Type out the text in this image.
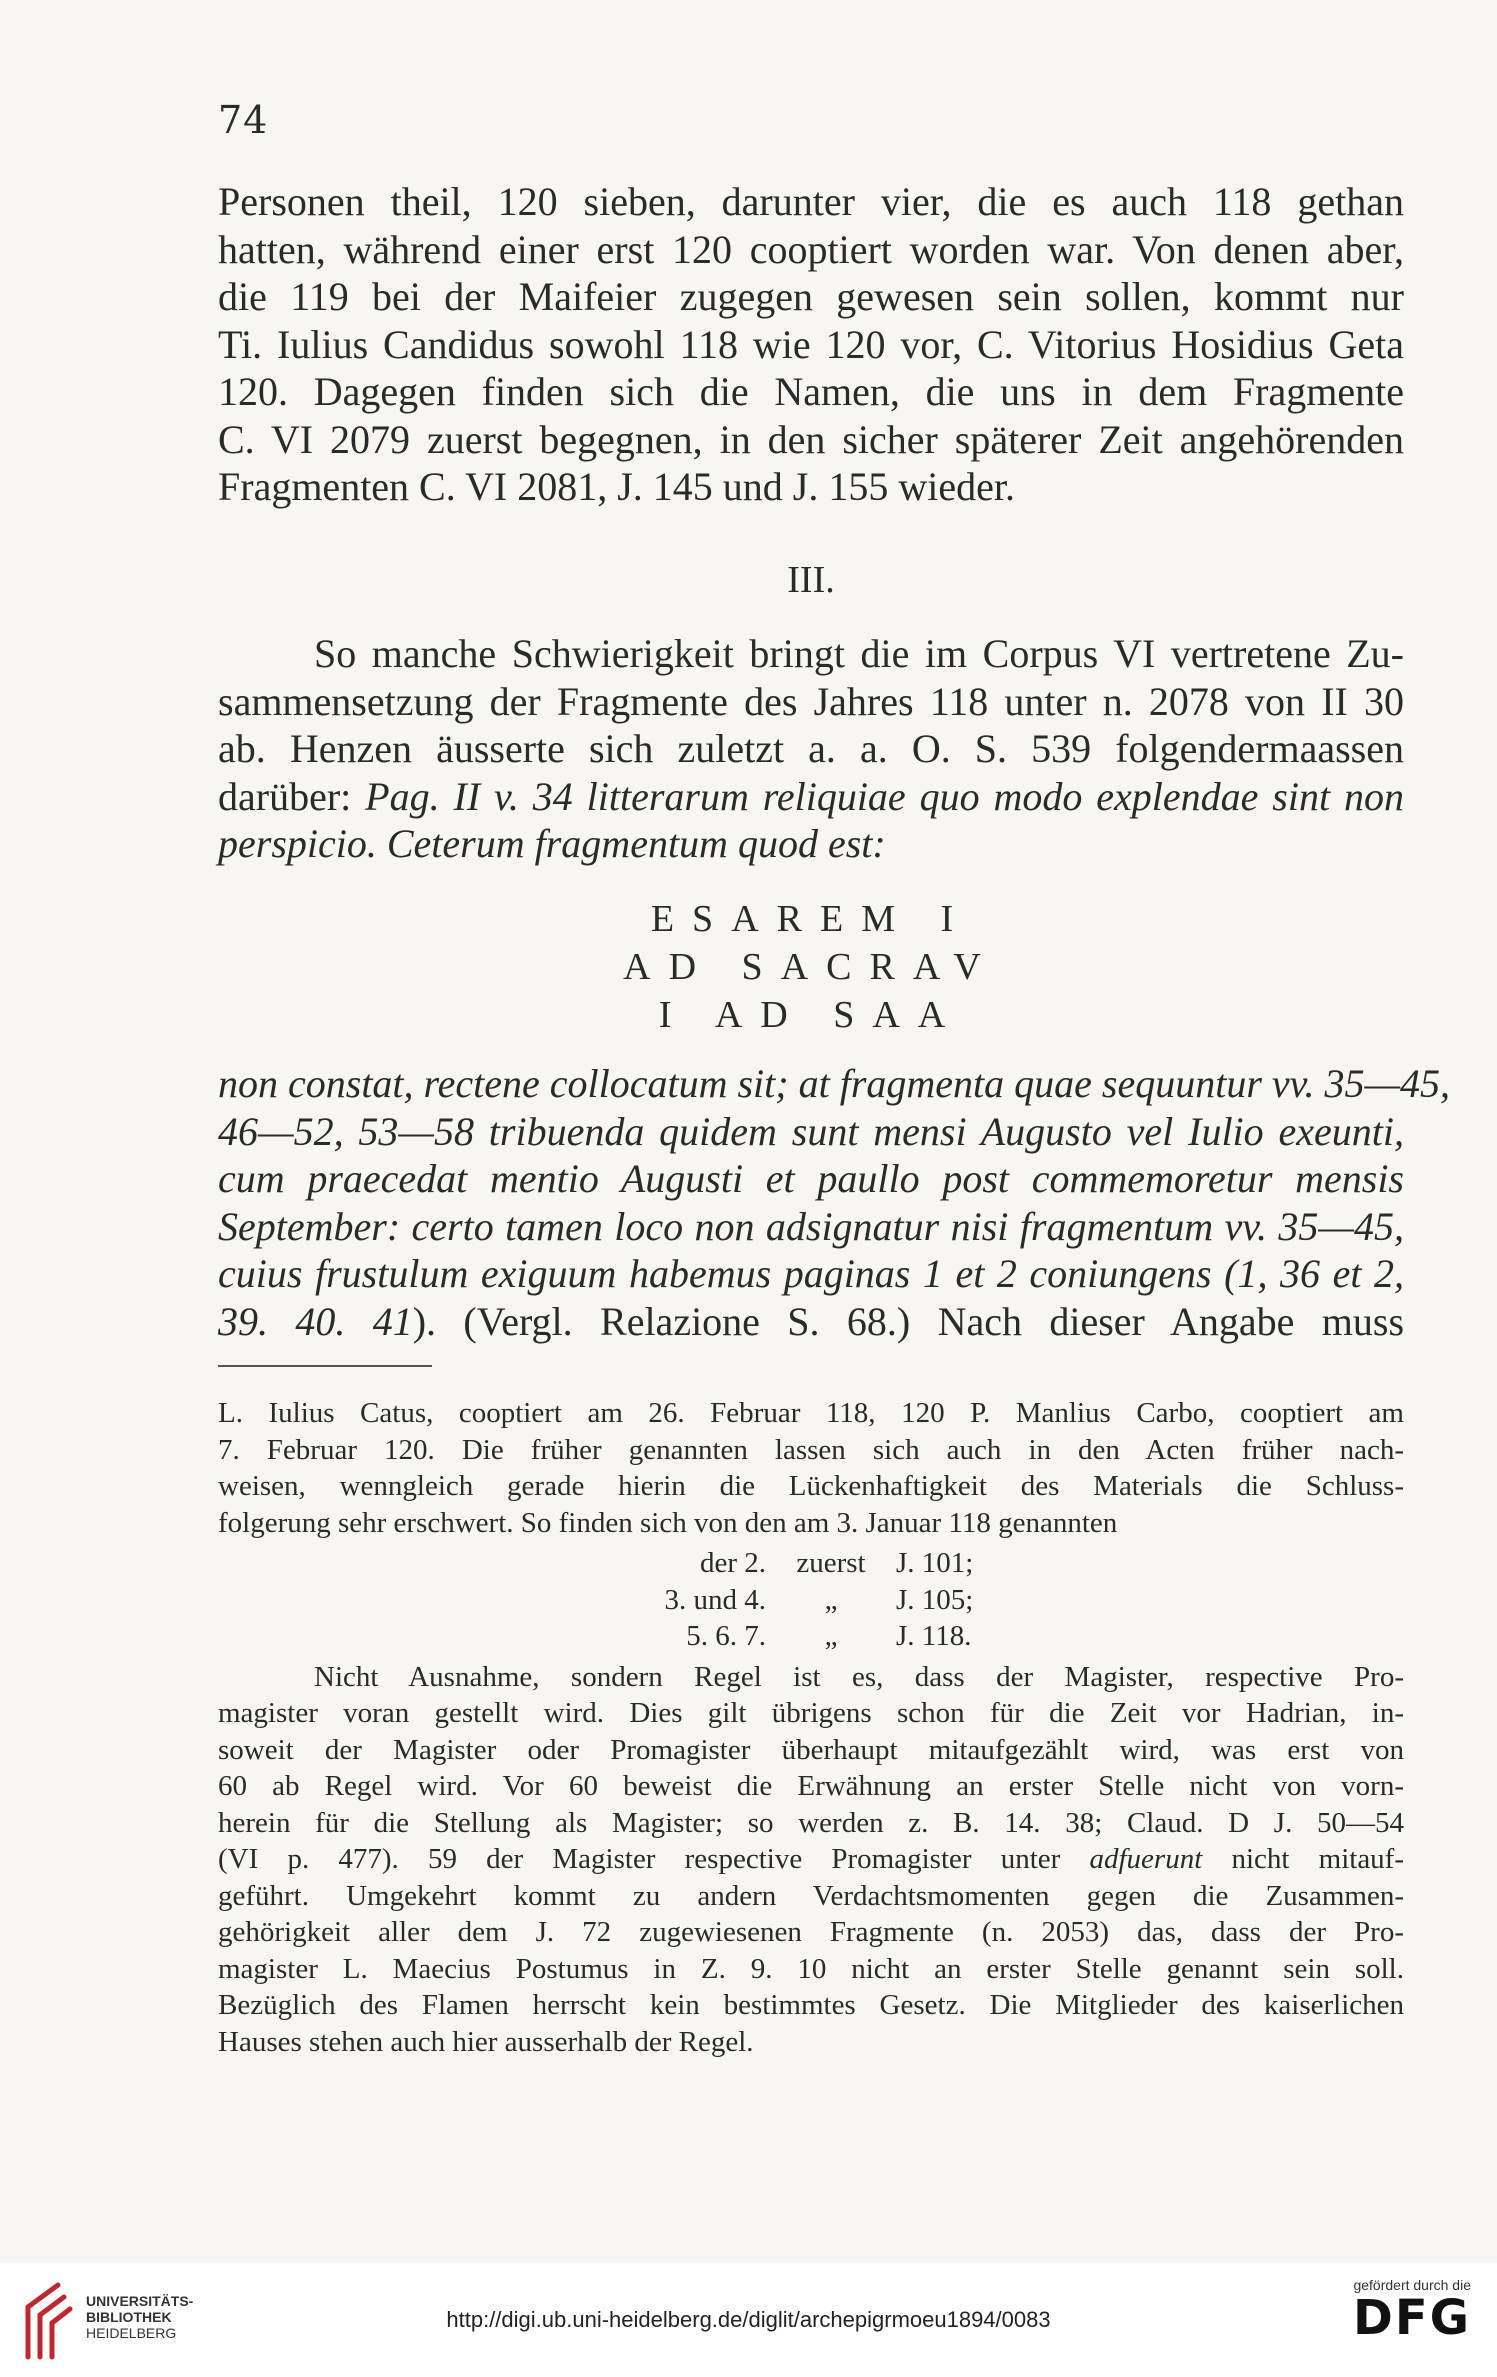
74
Personen theil, 120 sieben, darunter vier, die es auch 118 gethan
hatten, während einer erst 120 cooptiert worden war. Von denen aber,
die 119 bei der Maifeier zugegen gewesen sein sollen, kommt nur
Ti. Iulius Candidus sowohl 118 wie 120 vor, C. Vitorius Hosidius Geta
120. Dagegen finden sich die Namen, die uns in dem Fragmente
C. VI 2079 zuerst begegnen, in den sicher späterer Zeit angehörenden
Fragmenten C. VI 2081, J. 145 und J. 155 wieder.
III.
So manche Schwierigkeit bringt die im Corpus VI vertretene Zu-
sammensetzung der Fragmente des Jahres 118 unter n. 2078 von II 30
ab. Henzen äusserte sich zuletzt a. a. O. S. 539 folgendermaassen
darüber: Pag. II v. 34 litterarum reliquiae quo modo explendae sint non
perspicio. Ceterum fragmentum quod est:
ESAREM I
AD SACRAV
I AD SAA
non constat, rectene collocatum sit; at fragmenta quae sequuntur vv. 35—45,
46—52, 53—58 tribuenda quidem sunt mensi Augusto vel Iulio exeunti,
cum praecedat mentio Augusti et paullo post commemoretur mensis
September: certo tamen loco non adsignatur nisi fragmentum vv. 35—45,
cuius frustulum exiguum habemus paginas 1 et 2 coniungens (1, 36 et 2,
39. 40. 41). (Vergl. Relazione S. 68.) Nach dieser Angabe muss
L. Iulius Catus, cooptiert am 26. Februar 118, 120 P. Manlius Carbo, cooptiert am
7. Februar 120. Die früher genannten lassen sich auch in den Acten früher nach-
weisen, wenngleich gerade hierin die Lückenhaftigkeit des Materials die Schluss-
folgerung sehr erschwert. So finden sich von den am 3. Januar 118 genannten
der 2.	zuerst	J. 101;
3. und 4.	„	J. 105;
5. 6. 7.	„	J. 118.
Nicht Ausnahme, sondern Regel ist es, dass der Magister, respective Pro-
magister voran gestellt wird. Dies gilt übrigens schon für die Zeit vor Hadrian, in-
soweit der Magister oder Promagister überhaupt mitaufgezählt wird, was erst von
60 ab Regel wird. Vor 60 beweist die Erwähnung an erster Stelle nicht von vorn-
herein für die Stellung als Magister; so werden z. B. 14. 38; Claud. D J. 50—54
(VI p. 477). 59 der Magister respective Promagister unter adfuerunt nicht mitauf-
geführt. Umgekehrt kommt zu andern Verdachtsmomenten gegen die Zusammen-
gehörigkeit aller dem J. 72 zugewiesenen Fragmente (n. 2053) das, dass der Pro-
magister L. Maecius Postumus in Z. 9. 10 nicht an erster Stelle genannt sein soll.
Bezüglich des Flamen herrscht kein bestimmtes Gesetz. Die Mitglieder des kaiserlichen
Hauses stehen auch hier ausserhalb der Regel.
UNIVERSITÄTS-
BIBLIOTHEK
HEIDELBERG
http://digi.ub.uni-heidelberg.de/diglit/archepigrmoeu1894/0083
gefördert durch die
DFG
